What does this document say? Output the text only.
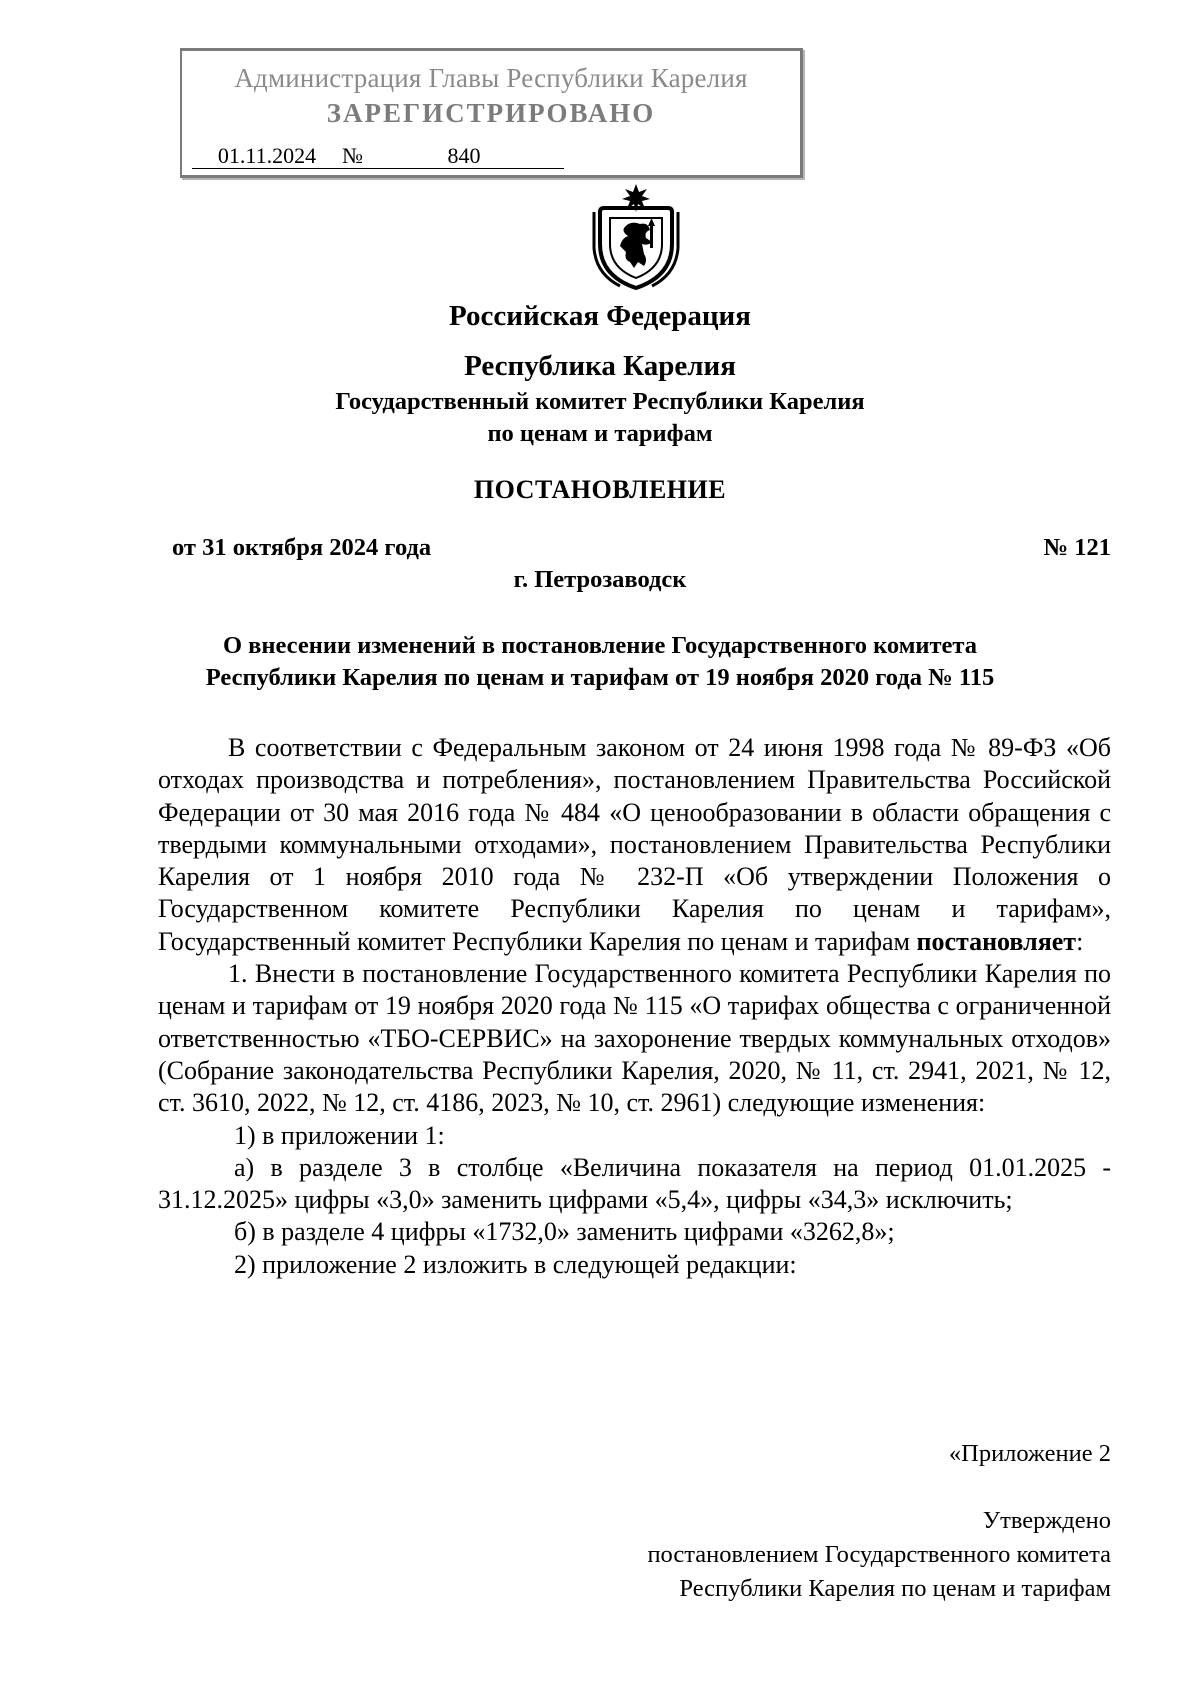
Администрация Главы Республики Карелия
ЗАРЕГИСТРИРОВАНО
01.11.2024 №	840
Российская Федерация
Республика Карелия
Государственный комитет Республики Карелия
по ценам и тарифам
ПОСТАНОВЛЕНИЕ
от 31 октября 2024 года	№ 121
г. Петрозаводск
О внесении изменений в постановление Государственного комитета
Республики Карелия по ценам и тарифам от 19 ноября 2020 года № 115

В соответствии с Федеральным законом от 24 июня 1998 года № 89-ФЗ «Об отходах производства и потребления», постановлением Правительства Российской Федерации от 30 мая 2016 года № 484 «О ценообразовании в области обращения с твердыми коммунальными отходами», постановлением Правительства Республики Карелия от 1 ноября 2010 года № 232-П «Об утверждении Положения о Государственном комитете Республики Карелия по ценам и тарифам», Государственный комитет Республики Карелия по ценам и тарифам постановляет:

1. Внести в постановление Государственного комитета Республики Карелия по ценам и тарифам от 19 ноября 2020 года № 115 «О тарифах общества с ограниченной ответственностью «ТБО-СЕРВИС» на захоронение твердых коммунальных отходов» (Собрание законодательства Республики Карелия, 2020, № 11, ст. 2941, 2021, № 12, ст. 3610, 2022, № 12, ст. 4186, 2023, № 10, ст. 2961) следующие изменения:

1) в приложении 1:

а) в разделе 3 в столбце «Величина показателя на период 01.01.2025 - 31.12.2025» цифры «3,0» заменить цифрами «5,4», цифры «34,3» исключить;

б) в разделе 4 цифры «1732,0» заменить цифрами «3262,8»;

2) приложение 2 изложить в следующей редакции:

«Приложение 2
Утверждено
постановлением Государственного комитета
Республики Карелия по ценам и тарифам
